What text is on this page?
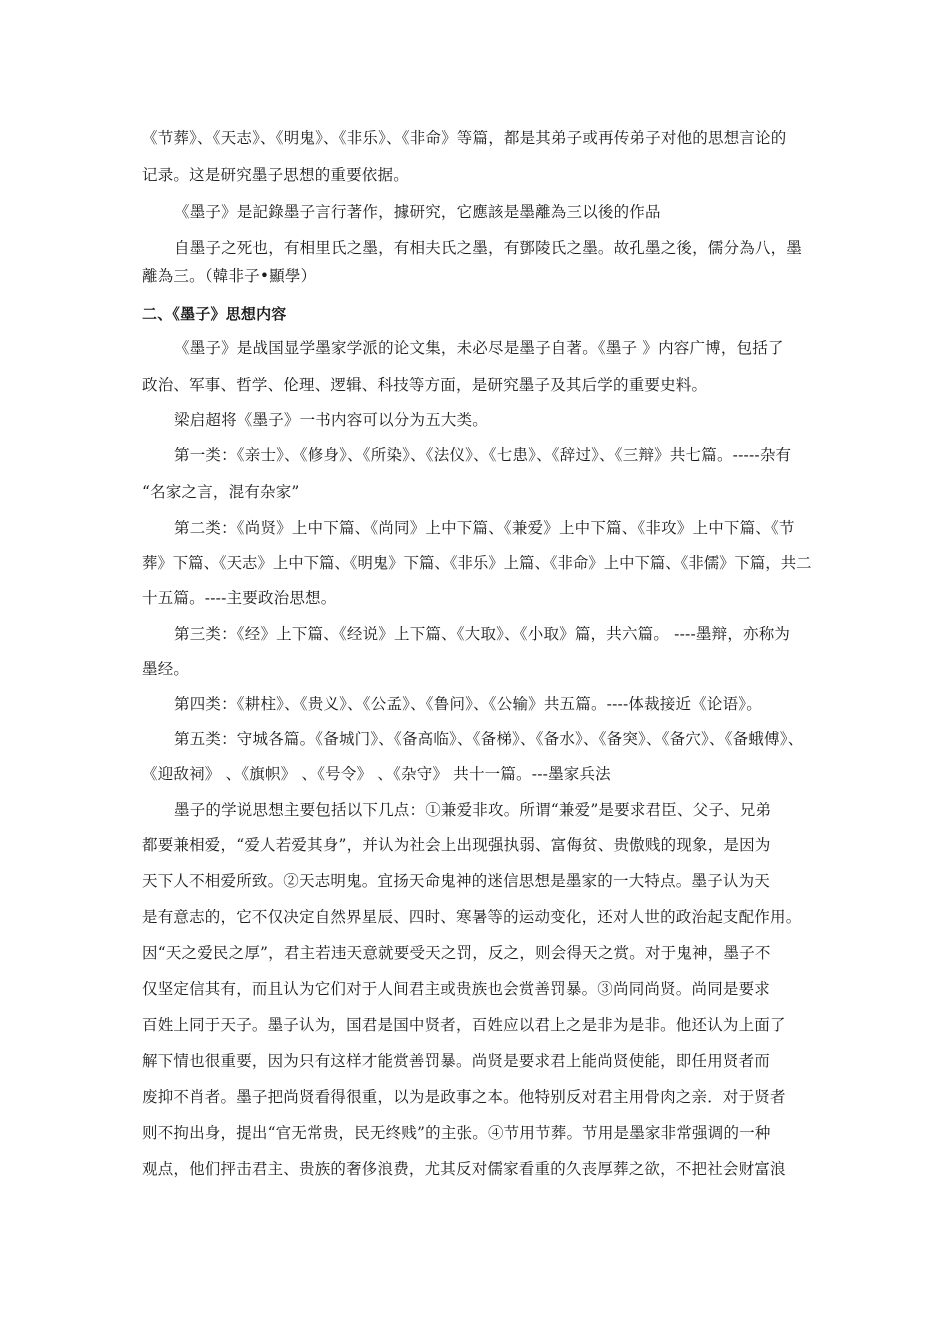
《节葬》、《天志》、《明鬼》、《非乐》、《非命》等篇，都是其弟子或再传弟子对他的思想言论的
记录。这是研究墨子思想的重要依据。
《墨子》是記錄墨子言行著作，據研究，它應該是墨離為三以後的作品
自墨子之死也，有相里氏之墨，有相夫氏之墨，有鄧陵氏之墨。故孔墨之後，儒分為八，墨
離為三。（韓非子•顯學）
二、《墨子》思想内容
《墨子》是战国显学墨家学派的论文集，未必尽是墨子自著。《墨子 》内容广博，包括了
政治、军事、哲学、伦理、逻辑、科技等方面，是研究墨子及其后学的重要史料。
梁启超将《墨子》一书内容可以分为五大类。
第一类：《亲士》、《修身》、《所染》、《法仪》、《七患》、《辞过》、《三辩》共七篇。-----杂有
“名家之言，混有杂家”
第二类：《尚贤》上中下篇、《尚同》上中下篇、《兼爱》上中下篇、《非攻》上中下篇、《节
葬》下篇、《天志》上中下篇、《明鬼》下篇、《非乐》上篇、《非命》上中下篇、《非儒》下篇，共二
十五篇。----主要政治思想。
第三类：《经》上下篇、《经说》上下篇、《大取》、《小取》篇，共六篇。 ----墨辩，亦称为
墨经。
第四类：《耕柱》、《贵义》、《公孟》、《鲁问》、《公输》共五篇。----体裁接近《论语》。
第五类：守城各篇。《备城门》、《备高临》、《备梯》、《备水》、《备突》、《备穴》、《备蛾傅》、
《迎敌祠》 、《旗帜》 、《号令》 、《杂守》 共十一篇。---墨家兵法
墨子的学说思想主要包括以下几点：①兼爱非攻。所谓“兼爱”是要求君臣、父子、兄弟
都要兼相爱，“爱人若爱其身”，并认为社会上出现强执弱、富侮贫、贵傲贱的现象，是因为
天下人不相爱所致。②天志明鬼。宜扬天命鬼神的迷信思想是墨家的一大特点。墨子认为天
是有意志的，它不仅决定自然界星辰、四时、寒暑等的运动变化，还对人世的政治起支配作用。
因“天之爱民之厚”，君主若违天意就要受天之罚，反之，则会得天之赏。对于鬼神，墨子不
仅坚定信其有，而且认为它们对于人间君主或贵族也会赏善罚暴。③尚同尚贤。尚同是要求
百姓上同于天子。墨子认为，国君是国中贤者，百姓应以君上之是非为是非。他还认为上面了
解下情也很重要，因为只有这样才能赏善罚暴。尚贤是要求君上能尚贤使能，即任用贤者而
废抑不肖者。墨子把尚贤看得很重，以为是政事之本。他特别反对君主用骨肉之亲．对于贤者
则不拘出身，提出“官无常贵，民无终贱”的主张。④节用节葬。节用是墨家非常强调的一种
观点，他们抨击君主、贵族的奢侈浪费，尤其反对儒家看重的久丧厚葬之欲，不把社会财富浪
